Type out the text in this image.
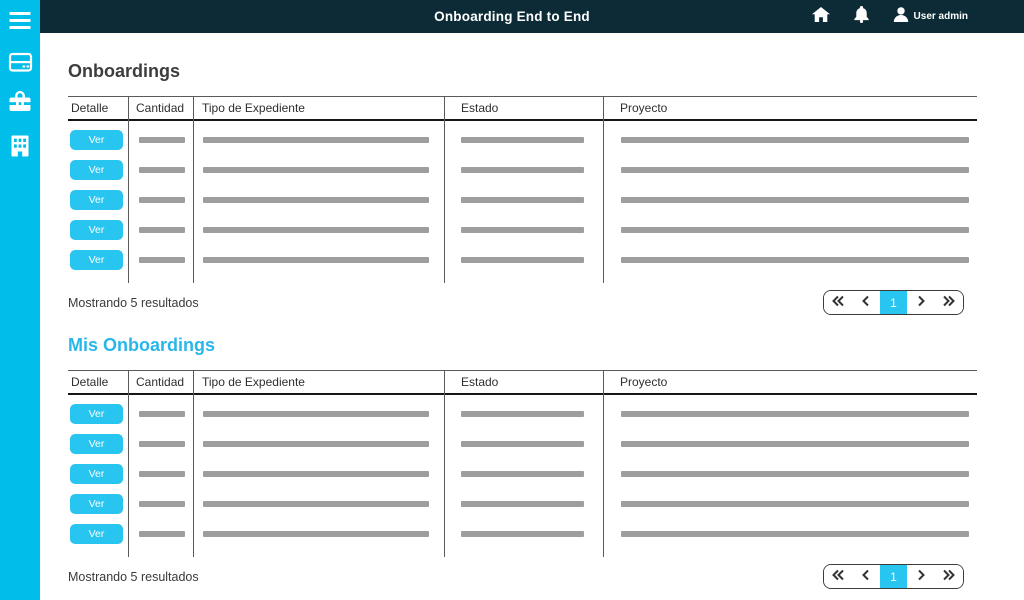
Onboarding End to End	User admin
Onboardings
Detalle	Cantidad	Tipo de Expediente	Estado	Proyecto
Ver
Ver
Ver
Ver
Ver
Mostrando 5 resultados	1
Mis Onboardings
Detalle	Cantidad	Tipo de Expediente	Estado	Proyecto
Ver
Ver
Ver
Ver
Ver
Mostrando 5 resultados	1
